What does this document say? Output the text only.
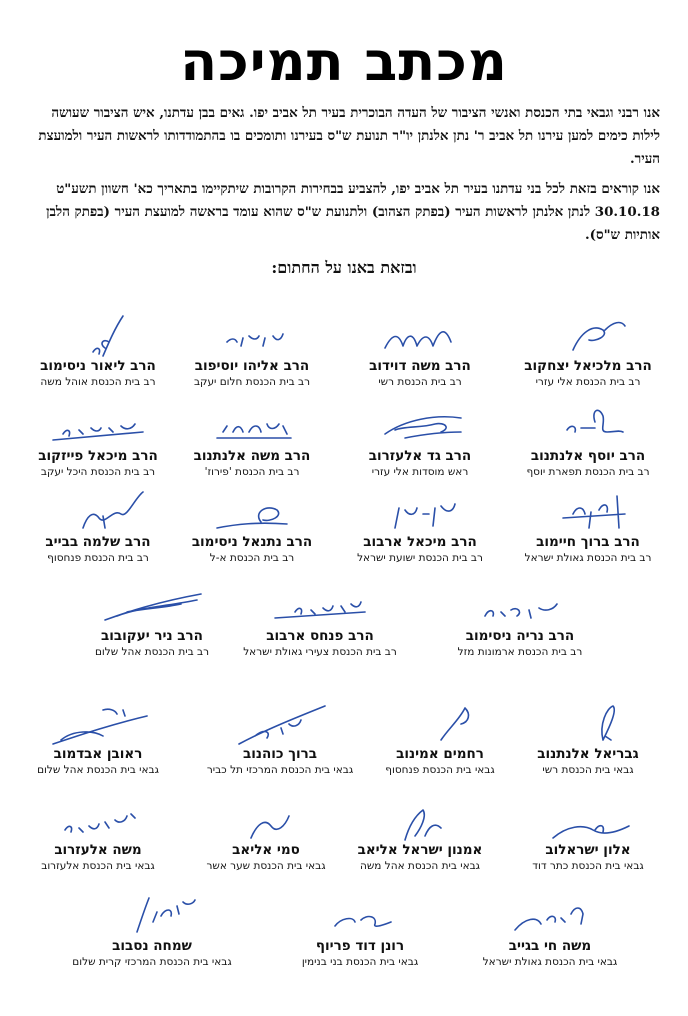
מכתב תמיכה
אנו רבני וגבאי בתי הכנסת ואנשי הציבור של העדה הבוכרית בעיר תל אביב יפו. גאים בבן עדתנו, איש הציבור שעושה לילות כימים למען עירנו תל אביב ר' נתן אלנתן יו"ר תנועת ש"ס בעירנו ותומכים בו בהתמודדותו לראשות העיר ולמועצת העיר.
אנו קוראים בזאת לכל בני עדתנו בעיר תל אביב יפו, להצביע בבחירות הקרובות שיתקיימו בתאריך כא' חשוון תשע"ט 30.10.18 לנתן אלנתן לראשות העיר (בפתק הצהוב) ולתנועת ש"ס שהוא עומד בראשה למועצת העיר (בפתק הלבן אותיות ש"ס).
ובזאת באנו על החתום:
הרב מלכיאל יצחקוב
רב בית הכנסת אלי עזרי
הרב משה דוידוב
רב בית הכנסת רשי
הרב אליהו יוסיפוב
רב בית הכנסת חלום יעקב
הרב ליאור ניסימוב
רב בית הכנסת אוהל משה
הרב יוסף אלנתנוב
רב בית הכנסת תפארת יוסף
הרב גד אלעזרוב
ראש מוסדות אלי עזרי
הרב משה אלנתנוב
רב בית הכנסת 'פירוז'
הרב מיכאל פייזקוב
רב בית הכנסת היכל יעקב
הרב ברוך חיימוב
רב בית הכנסת גאולת ישראל
הרב מיכאל ארבוב
רב בית הכנסת ישועת ישראל
הרב נתנאל ניסימוב
רב בית הכנסת א-ל
הרב שלמה בבייב
רב בית הכנסת פנחסוף
הרב נריה ניסימוב
רב בית הכנסת ארמונות מזל
הרב פנחס ארבוב
רב בית הכנסת צעירי גאולת ישראל
הרב ניר יעקובוב
רב בית הכנסת אהל שלום
גבריאל אלנתנוב
גבאי בית הכנסת רשי
רחמים אמינוב
גבאי בית הכנסת פנחסוף
ברוך כוהנוב
גבאי בית הכנסת המרכזי תל כביר
ראובן אבדמוב
גבאי בית הכנסת אהל שלום
אלון ישראלוב
גבאי בית הכנסת כתר דוד
אמנון ישראל אליאב
גבאי בית הכנסת אהל משה
סמי אליאב
גבאי בית הכנסת שער אשר
משה אלעזרוב
גבאי בית הכנסת אלעזרוב
משה חי בגייב
גבאי בית הכנסת גאולת ישראל
רונן דוד פריוף
גבאי בית הכנסת בני בנימין
שמחה נסבוב
גבאי בית הכנסת המרכזי קרית שלום
